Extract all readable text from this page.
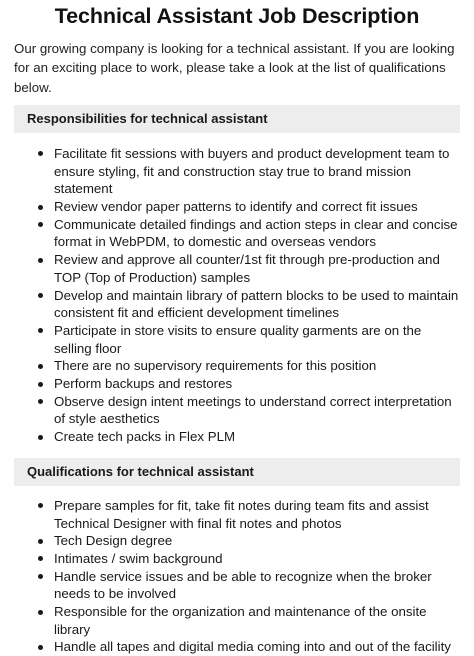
Technical Assistant Job Description

Our growing company is looking for a technical assistant. If you are looking for an exciting place to work, please take a look at the list of qualifications below.

Responsibilities for technical assistant
Facilitate fit sessions with buyers and product development team to ensure styling, fit and construction stay true to brand mission statement
Review vendor paper patterns to identify and correct fit issues
Communicate detailed findings and action steps in clear and concise format in WebPDM, to domestic and overseas vendors
Review and approve all counter/1st fit through pre-production and TOP (Top of Production) samples
Develop and maintain library of pattern blocks to be used to maintain consistent fit and efficient development timelines
Participate in store visits to ensure quality garments are on the selling floor
There are no supervisory requirements for this position
Perform backups and restores
Observe design intent meetings to understand correct interpretation of style aesthetics
Create tech packs in Flex PLM
Qualifications for technical assistant
Prepare samples for fit, take fit notes during team fits and assist Technical Designer with final fit notes and photos
Tech Design degree
Intimates / swim background
Handle service issues and be able to recognize when the broker needs to be involved
Responsible for the organization and maintenance of the onsite library
Handle all tapes and digital media coming into and out of the facility
